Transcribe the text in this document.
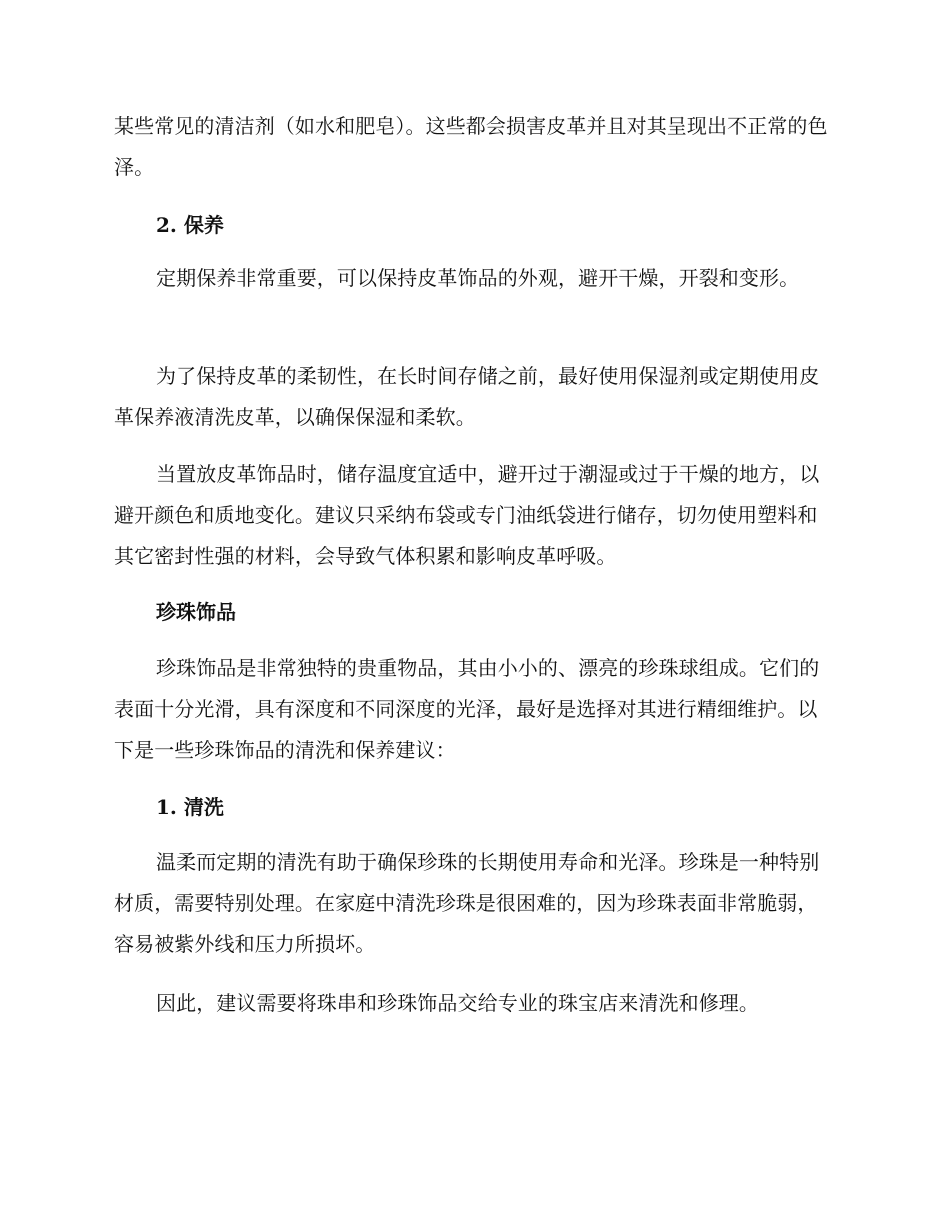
某些常见的清洁剂（如水和肥皂）。这些都会损害皮革并且对其呈现出不正常的色泽。

2. 保养

定期保养非常重要，可以保持皮革饰品的外观，避开干燥，开裂和变形。

为了保持皮革的柔韧性，在长时间存储之前，最好使用保湿剂或定期使用皮革保养液清洗皮革，以确保保湿和柔软。

当置放皮革饰品时，储存温度宜适中，避开过于潮湿或过于干燥的地方，以避开颜色和质地变化。建议只采纳布袋或专门油纸袋进行储存，切勿使用塑料和其它密封性强的材料，会导致气体积累和影响皮革呼吸。

珍珠饰品

珍珠饰品是非常独特的贵重物品，其由小小的、漂亮的珍珠球组成。它们的表面十分光滑，具有深度和不同深度的光泽，最好是选择对其进行精细维护。以下是一些珍珠饰品的清洗和保养建议：

1. 清洗

温柔而定期的清洗有助于确保珍珠的长期使用寿命和光泽。珍珠是一种特别材质，需要特别处理。在家庭中清洗珍珠是很困难的，因为珍珠表面非常脆弱，容易被紫外线和压力所损坏。

因此，建议需要将珠串和珍珠饰品交给专业的珠宝店来清洗和修理。
